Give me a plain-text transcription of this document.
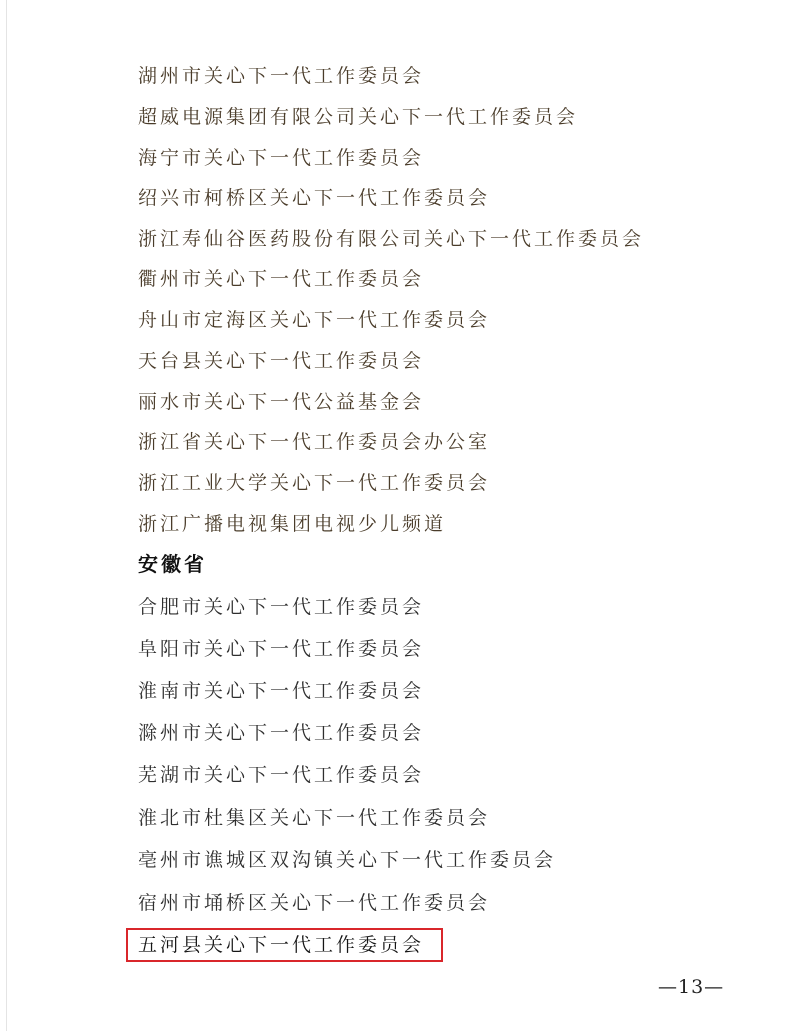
湖州市关心下一代工作委员会
超威电源集团有限公司关心下一代工作委员会
海宁市关心下一代工作委员会
绍兴市柯桥区关心下一代工作委员会
浙江寿仙谷医药股份有限公司关心下一代工作委员会
衢州市关心下一代工作委员会
舟山市定海区关心下一代工作委员会
天台县关心下一代工作委员会
丽水市关心下一代公益基金会
浙江省关心下一代工作委员会办公室
浙江工业大学关心下一代工作委员会
浙江广播电视集团电视少儿频道
安徽省
合肥市关心下一代工作委员会
阜阳市关心下一代工作委员会
淮南市关心下一代工作委员会
滁州市关心下一代工作委员会
芜湖市关心下一代工作委员会
淮北市杜集区关心下一代工作委员会
亳州市谯城区双沟镇关心下一代工作委员会
宿州市埇桥区关心下一代工作委员会
五河县关心下一代工作委员会
—13—
